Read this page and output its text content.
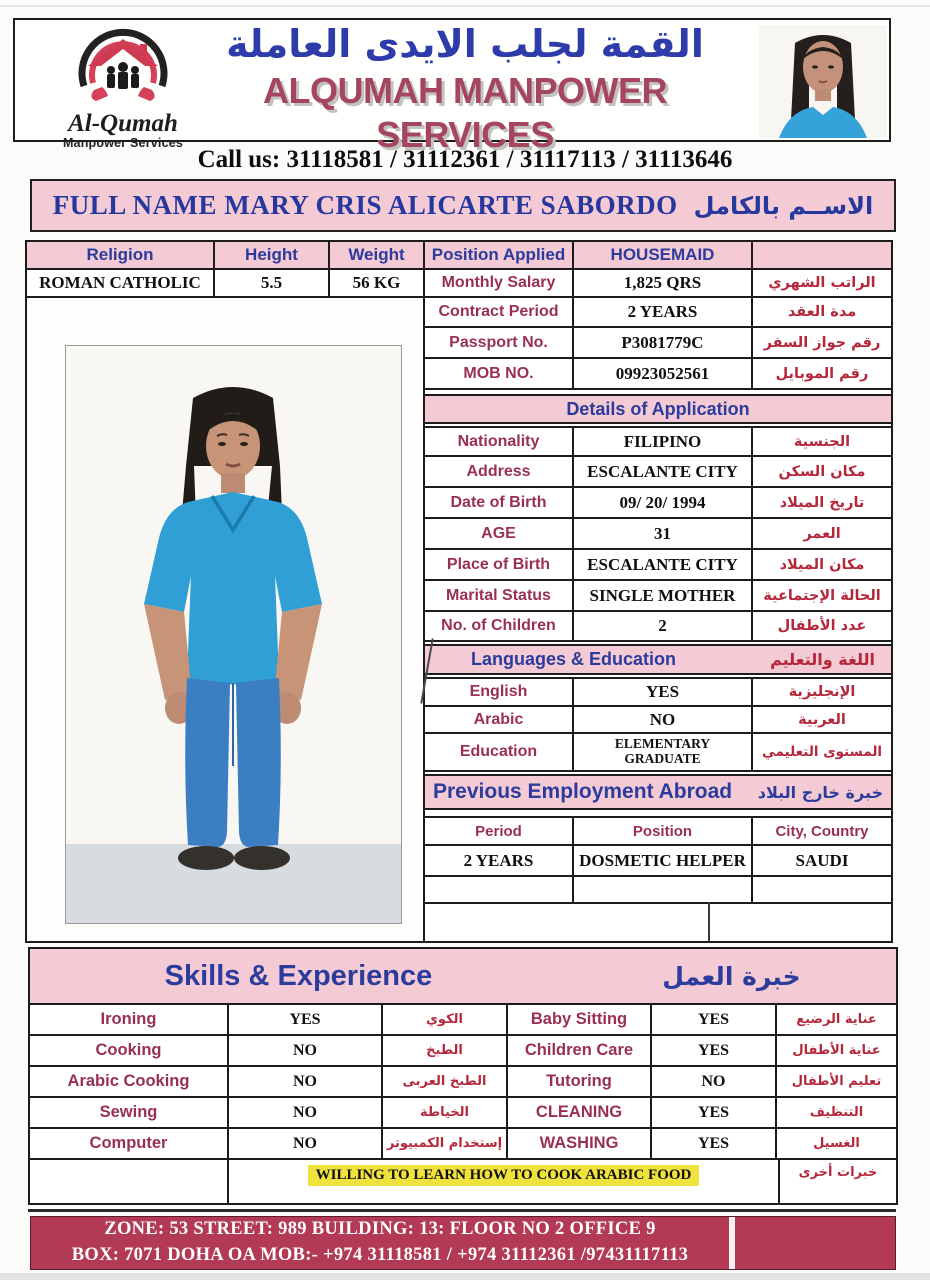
Al-Qumah
Manpower Services
القمة لجلب الايدى العاملة
ALQUMAH MANPOWER SERVICES
Call us: 31118581 / 31112361 / 31117113 / 31113646
FULL NAME MARY CRIS ALICARTE SABORDO الاســم بالكامل
Religion	Height	Weight	Position Applied	HOUSEMAID
ROMAN CATHOLIC	5.5	56 KG	Monthly Salary	1,825 QRS	الراتب الشهري
Contract Period	2 YEARS	مدة العقد
Passport No.	P3081779C	رقم جواز السفر
MOB NO.	09923052561	رقم الموبايل
Details of Application
Nationality	FILIPINO	الجنسية
Address	ESCALANTE CITY	مكان السكن
Date of Birth	09/ 20/ 1994	تاريخ الميلاد
AGE	31	العمر
Place of Birth	ESCALANTE CITY	مكان الميلاد
Marital Status	SINGLE MOTHER	الحالة الإجتماعية
No. of Children	2	عدد الأطفال
Languages & Education	اللغة والتعليم
English	YES	الإنجليزية
Arabic	NO	العربية
Education	ELEMENTARY GRADUATE	المستوى التعليمي
Previous Employment Abroad خبرة خارج البلاد
Period	Position	City, Country
2 YEARS	DOSMETIC HELPER	SAUDI
Skills & Experience	خبرة العمل
Ironing	YES	الكوي	Baby Sitting	YES	عناية الرضيع
Cooking	NO	الطبخ	Children Care	YES	عناية الأطفال
Arabic Cooking	NO	الطبخ العربى	Tutoring	NO	تعليم الأطفال
Sewing	NO	الخياطة	CLEANING	YES	التنظيف
Computer	NO	إستخدام الكمبيوتر	WASHING	YES	الغسيل
WILLING TO LEARN HOW TO COOK ARABIC FOOD	خبرات أخرى
ZONE: 53 STREET: 989 BUILDING: 13: FLOOR NO 2 OFFICE 9
BOX: 7071 DOHA OA MOB:- +974 31118581 / +974 31112361 /97431117113
